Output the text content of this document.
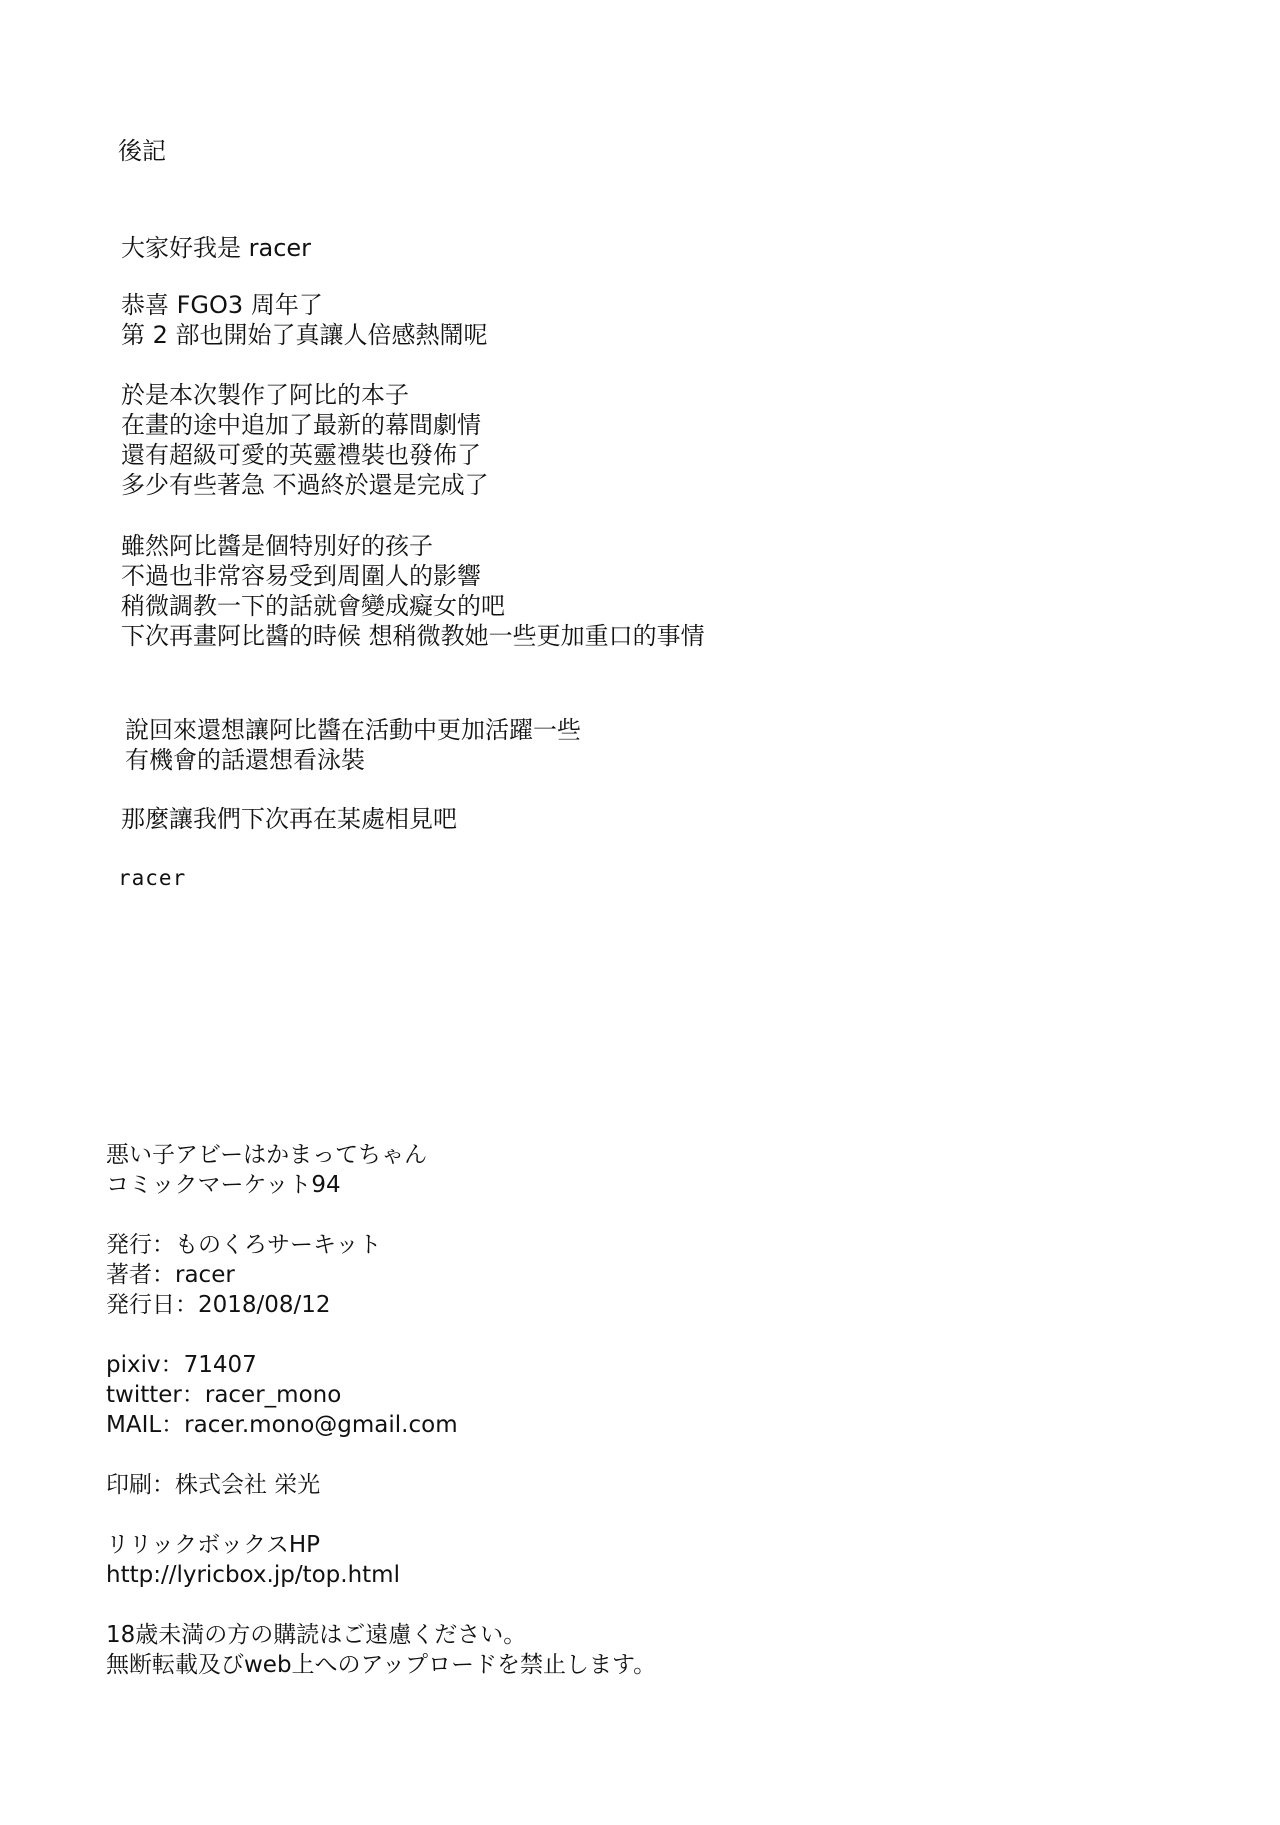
後記
大家好我是 racer
恭喜 FGO3 周年了
第 2 部也開始了真讓人倍感熱鬧呢
於是本次製作了阿比的本子
在畫的途中追加了最新的幕間劇情
還有超級可愛的英靈禮裝也發佈了
多少有些著急 不過終於還是完成了
雖然阿比醬是個特別好的孩子
不過也非常容易受到周圍人的影響
稍微調教一下的話就會變成癡女的吧
下次再畫阿比醬的時候 想稍微教她一些更加重口的事情
說回來還想讓阿比醬在活動中更加活躍一些
有機會的話還想看泳裝
那麼讓我們下次再在某處相見吧
racer
悪い子アビーはかまってちゃん
コミックマーケット94
発行：ものくろサーキット
著者：racer
発行日：2018/08/12
pixiv：71407
twitter：racer_mono
MAIL：racer.mono@gmail.com
印刷：株式会社 栄光
リリックボックスHP
http://lyricbox.jp/top.html
18歳未満の方の購読はご遠慮ください。
無断転載及びweb上へのアップロードを禁止します。
